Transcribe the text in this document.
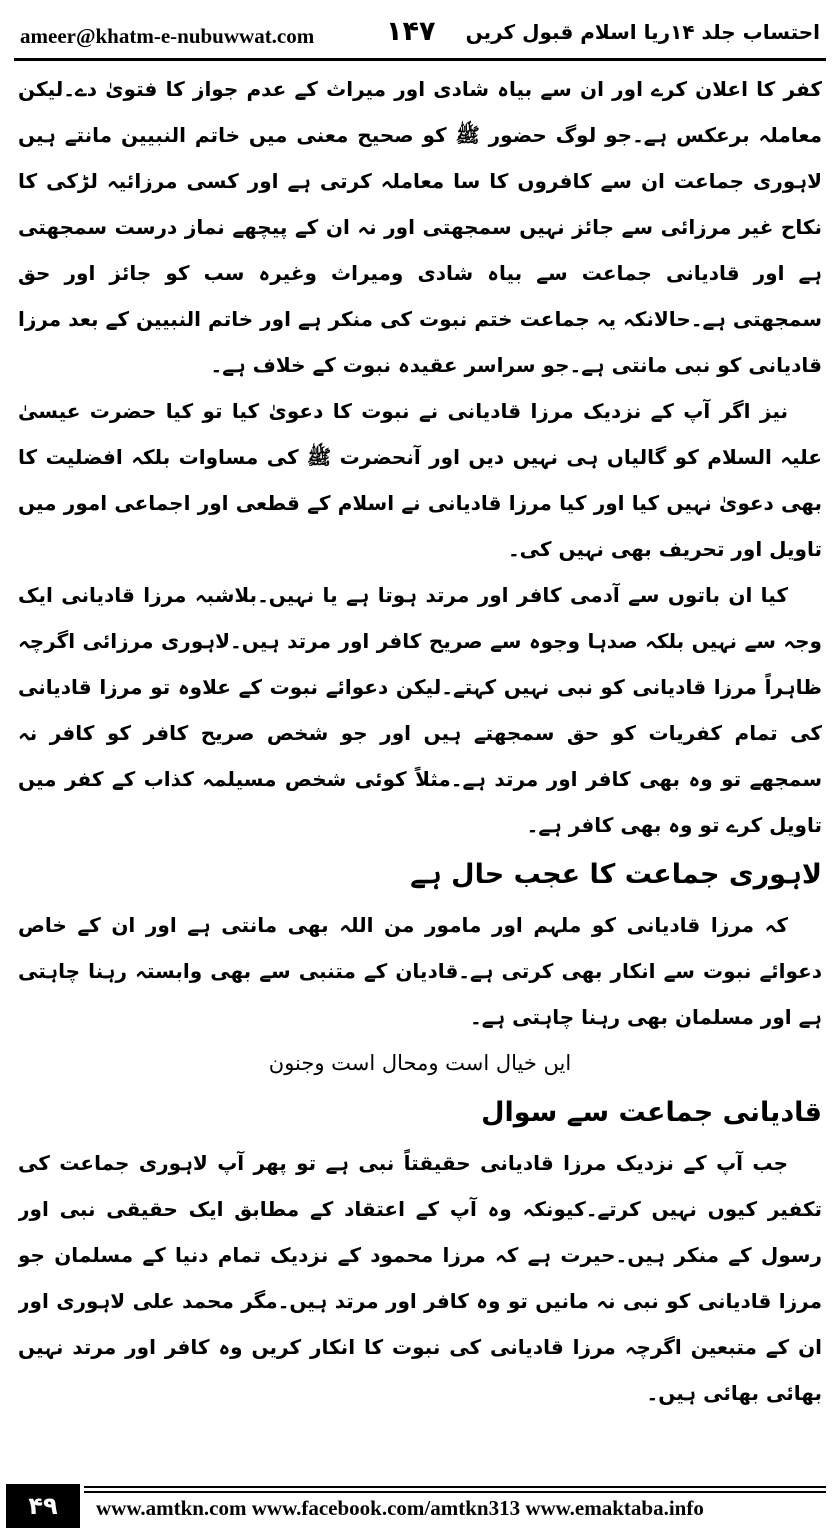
ameer@khatm-e-nubuwwat.com	۱۴۷ احتساب جلد ۱۴ریا اسلام قبول کریں

کفر کا اعلان کرے اور ان سے بیاہ شادی اور میراث کے عدم جواز کا فتویٰ دے۔لیکن معاملہ برعکس ہے۔جو لوگ حضور ﷺ کو صحیح معنی میں خاتم النبیین مانتے ہیں لاہوری جماعت ان سے کافروں کا سا معاملہ کرتی ہے اور کسی مرزائیہ لڑکی کا نکاح غیر مرزائی سے جائز نہیں سمجھتی اور نہ ان کے پیچھے نماز درست سمجھتی ہے اور قادیانی جماعت سے بیاہ شادی ومیراث وغیرہ سب کو جائز اور حق سمجھتی ہے۔حالانکہ یہ جماعت ختم نبوت کی منکر ہے اور خاتم النبیین کے بعد مرزا قادیانی کو نبی مانتی ہے۔جو سراسر عقیدہ نبوت کے خلاف ہے۔

نیز اگر آپ کے نزدیک مرزا قادیانی نے نبوت کا دعویٰ کیا تو کیا حضرت عیسیٰ علیہ السلام کو گالیاں ہی نہیں دیں اور آنحضرت ﷺ کی مساوات بلکہ افضلیت کا بھی دعویٰ نہیں کیا اور کیا مرزا قادیانی نے اسلام کے قطعی اور اجماعی امور میں تاویل اور تحریف بھی نہیں کی۔

کیا ان باتوں سے آدمی کافر اور مرتد ہوتا ہے یا نہیں۔بلاشبہ مرزا قادیانی ایک وجہ سے نہیں بلکہ صدہا وجوہ سے صریح کافر اور مرتد ہیں۔لاہوری مرزائی اگرچہ ظاہراً مرزا قادیانی کو نبی نہیں کہتے۔لیکن دعوائے نبوت کے علاوہ تو مرزا قادیانی کی تمام کفریات کو حق سمجھتے ہیں اور جو شخص صریح کافر کو کافر نہ سمجھے تو وہ بھی کافر اور مرتد ہے۔مثلاً کوئی شخص مسیلمہ کذاب کے کفر میں تاویل کرے تو وہ بھی کافر ہے۔

لاہوری جماعت کا عجب حال ہے

کہ مرزا قادیانی کو ملہم اور مامور من اللہ بھی مانتی ہے اور ان کے خاص دعوائے نبوت سے انکار بھی کرتی ہے۔قادیان کے متنبی سے بھی وابستہ رہنا چاہتی ہے اور مسلمان بھی رہنا چاہتی ہے۔

ایں خیال است ومحال است وجنون

قادیانی جماعت سے سوال

جب آپ کے نزدیک مرزا قادیانی حقیقتاً نبی ہے تو پھر آپ لاہوری جماعت کی تکفیر کیوں نہیں کرتے۔کیونکہ وہ آپ کے اعتقاد کے مطابق ایک حقیقی نبی اور رسول کے منکر ہیں۔حیرت ہے کہ مرزا محمود کے نزدیک تمام دنیا کے مسلمان جو مرزا قادیانی کو نبی نہ مانیں تو وہ کافر اور مرتد ہیں۔مگر محمد علی لاہوری اور ان کے متبعین اگرچہ مرزا قادیانی کی نبوت کا انکار کریں وہ کافر اور مرتد نہیں بھائی بھائی ہیں۔

۴۹	www.amtkn.com www.facebook.com/amtkn313 www.emaktaba.info
